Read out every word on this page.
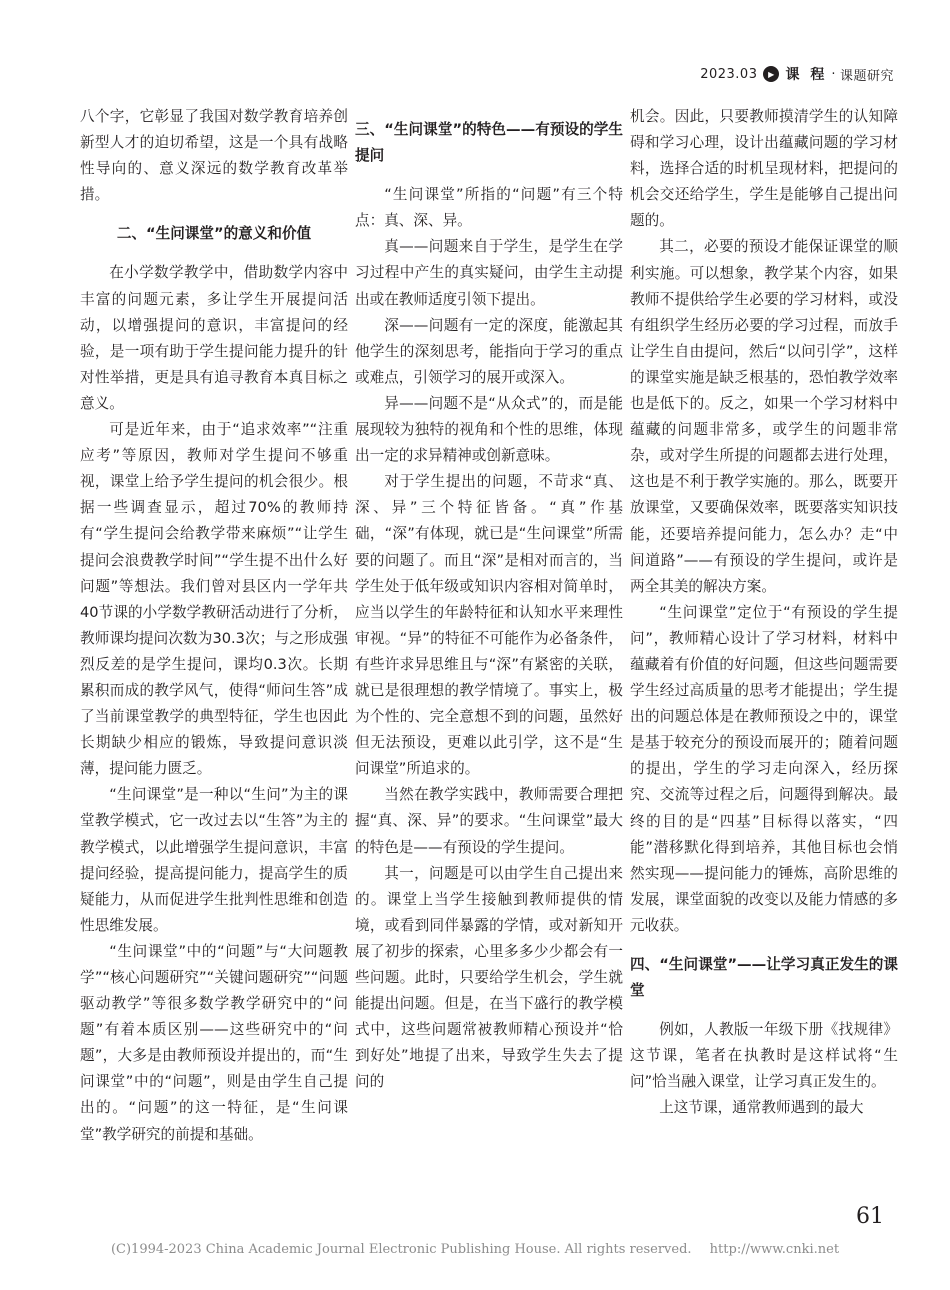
2023.03	▶ 课 程 · 课题研究

八个字，它彰显了我国对数学教育培养创新型人才的迫切希望，这是一个具有战略性导向的、意义深远的数学教育改革举措。

二、“生问课堂”的意义和价值

在小学数学教学中，借助数学内容中丰富的问题元素，多让学生开展提问活动，以增强提问的意识，丰富提问的经验，是一项有助于学生提问能力提升的针对性举措，更是具有追寻教育本真目标之意义。

可是近年来，由于“追求效率”“注重应考”等原因，教师对学生提问不够重视，课堂上给予学生提问的机会很少。根据一些调查显示，超过70%的教师持有“学生提问会给教学带来麻烦”“让学生提问会浪费教学时间”“学生提不出什么好问题”等想法。我们曾对县区内一学年共40节课的小学数学教研活动进行了分析，教师课均提问次数为30.3次；与之形成强烈反差的是学生提问，课均0.3次。长期累积而成的教学风气，使得“师问生答”成了当前课堂教学的典型特征，学生也因此长期缺少相应的锻炼，导致提问意识淡薄，提问能力匮乏。

“生问课堂”是一种以“生问”为主的课堂教学模式，它一改过去以“生答”为主的教学模式，以此增强学生提问意识，丰富提问经验，提高提问能力，提高学生的质疑能力，从而促进学生批判性思维和创造性思维发展。

“生问课堂”中的“问题”与“大问题教学”“核心问题研究”“关键问题研究”“问题驱动教学”等很多数学教学研究中的“问题”有着本质区别——这些研究中的“问题”，大多是由教师预设并提出的，而“生问课堂”中的“问题”，则是由学生自己提出的。“问题”的这一特征，是“生问课堂”教学研究的前提和基础。

三、“生问课堂”的特色——有预设的学生提问

“生问课堂”所指的“问题”有三个特点：真、深、异。

真——问题来自于学生，是学生在学习过程中产生的真实疑问，由学生主动提出或在教师适度引领下提出。

深——问题有一定的深度，能激起其他学生的深刻思考，能指向于学习的重点或难点，引领学习的展开或深入。

异——问题不是“从众式”的，而是能展现较为独特的视角和个性的思维，体现出一定的求异精神或创新意味。

对于学生提出的问题，不苛求“真、深、异”三个特征皆备。“真”作基础，“深”有体现，就已是“生问课堂”所需要的问题了。而且“深”是相对而言的，当学生处于低年级或知识内容相对简单时，应当以学生的年龄特征和认知水平来理性审视。“异”的特征不可能作为必备条件，有些许求异思维且与“深”有紧密的关联，就已是很理想的教学情境了。事实上，极为个性的、完全意想不到的问题，虽然好但无法预设，更难以此引学，这不是“生问课堂”所追求的。

当然在教学实践中，教师需要合理把握“真、深、异”的要求。“生问课堂”最大的特色是——有预设的学生提问。

其一，问题是可以由学生自己提出来的。课堂上当学生接触到教师提供的情境，或看到同伴暴露的学情，或对新知开展了初步的探索，心里多多少少都会有一些问题。此时，只要给学生机会，学生就能提出问题。但是，在当下盛行的教学模式中，这些问题常被教师精心预设并“恰到好处”地提了出来，导致学生失去了提问的

机会。因此，只要教师摸清学生的认知障碍和学习心理，设计出蕴藏问题的学习材料，选择合适的时机呈现材料，把提问的机会交还给学生，学生是能够自己提出问题的。

其二，必要的预设才能保证课堂的顺利实施。可以想象，教学某个内容，如果教师不提供给学生必要的学习材料，或没有组织学生经历必要的学习过程，而放手让学生自由提问，然后“以问引学”，这样的课堂实施是缺乏根基的，恐怕教学效率也是低下的。反之，如果一个学习材料中蕴藏的问题非常多，或学生的问题非常杂，或对学生所提的问题都去进行处理，这也是不利于教学实施的。那么，既要开放课堂，又要确保效率，既要落实知识技能，还要培养提问能力，怎么办？走“中间道路”——有预设的学生提问，或许是两全其美的解决方案。

“生问课堂”定位于“有预设的学生提问”，教师精心设计了学习材料，材料中蕴藏着有价值的好问题，但这些问题需要学生经过高质量的思考才能提出；学生提出的问题总体是在教师预设之中的，课堂是基于较充分的预设而展开的；随着问题的提出，学生的学习走向深入，经历探究、交流等过程之后，问题得到解决。最终的目的是“四基”目标得以落实，“四能”潜移默化得到培养，其他目标也会悄然实现——提问能力的锤炼，高阶思维的发展，课堂面貌的改变以及能力情感的多元收获。

四、“生问课堂”——让学习真正发生的课堂

例如，人教版一年级下册《找规律》这节课，笔者在执教时是这样试将“生问”恰当融入课堂，让学习真正发生的。

上这节课，通常教师遇到的最大

61
(C)1994-2023 China Academic Journal Electronic Publishing House. All rights reserved. http://www.cnki.net
